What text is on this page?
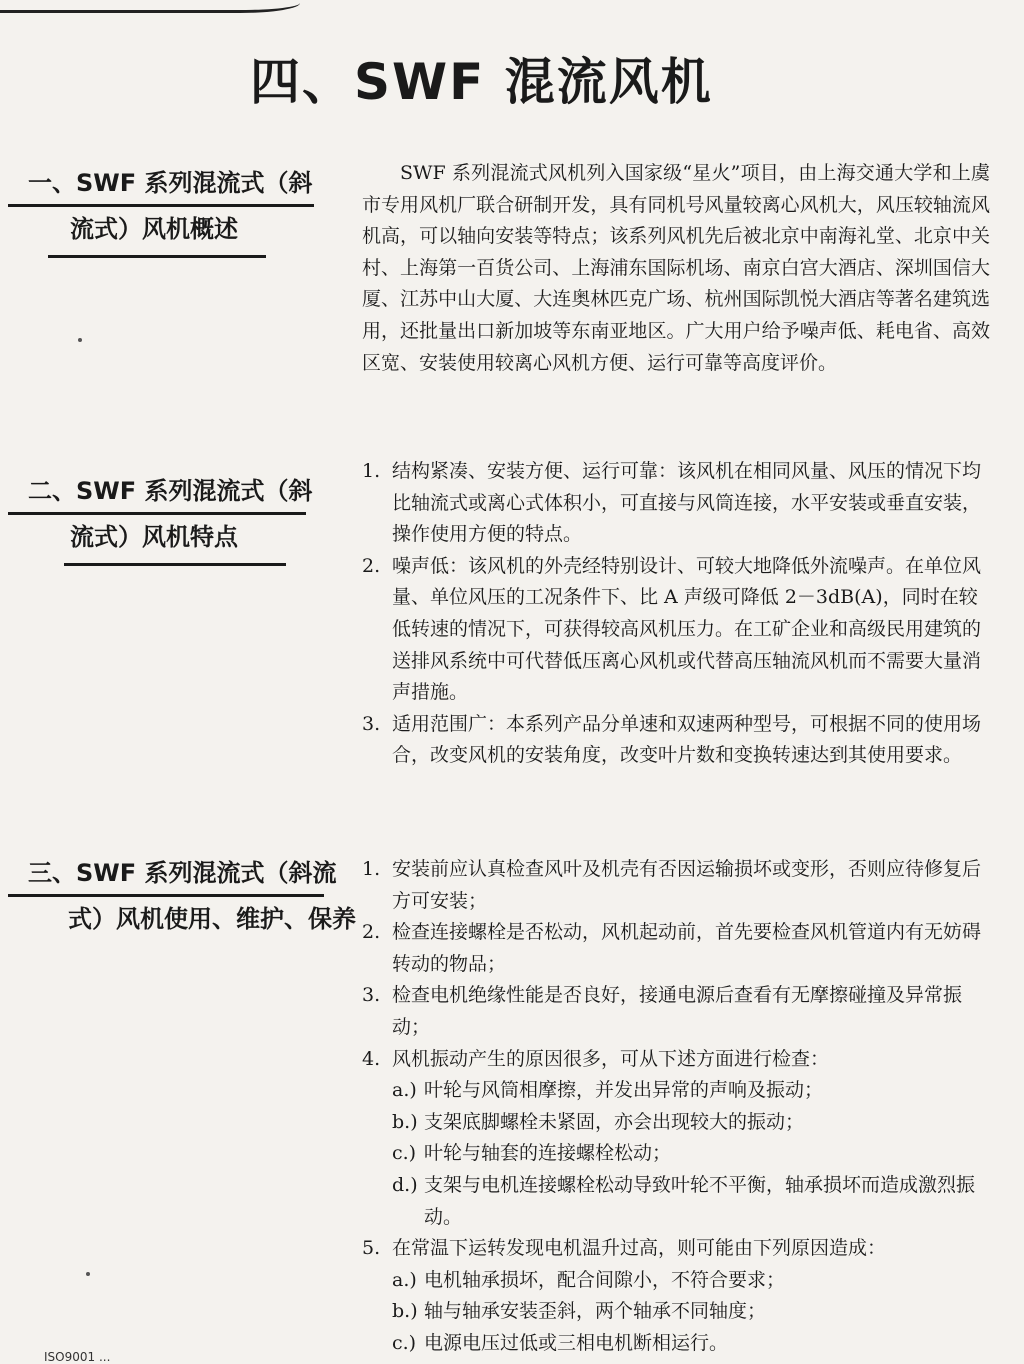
四、SWF 混流风机
一、SWF 系列混流式（斜
流式）风机概述

SWF 系列混流式风机列入国家级“星火”项目，由上海交通大学和上虞市专用风机厂联合研制开发，具有同机号风量较离心风机大，风压较轴流风机高，可以轴向安装等特点；该系列风机先后被北京中南海礼堂、北京中关村、上海第一百货公司、上海浦东国际机场、南京白宫大酒店、深圳国信大厦、江苏中山大厦、大连奥林匹克广场、杭州国际凯悦大酒店等著名建筑选用，还批量出口新加坡等东南亚地区。广大用户给予噪声低、耗电省、高效区宽、安装使用较离心风机方便、运行可靠等高度评价。

二、SWF 系列混流式（斜
流式）风机特点
1. 结构紧凑、安装方便、运行可靠：该风机在相同风量、风压的情况下均比轴流式或离心式体积小，可直接与风筒连接，水平安装或垂直安装，操作使用方便的特点。
2. 噪声低：该风机的外壳经特别设计、可较大地降低外流噪声。在单位风量、单位风压的工况条件下、比 A 声级可降低 2－3dB(A)，同时在较低转速的情况下，可获得较高风机压力。在工矿企业和高级民用建筑的送排风系统中可代替低压离心风机或代替高压轴流风机而不需要大量消声措施。
3. 适用范围广：本系列产品分单速和双速两种型号，可根据不同的使用场合，改变风机的安装角度，改变叶片数和变换转速达到其使用要求。
三、SWF 系列混流式（斜流
式）风机使用、维护、保养
1. 安装前应认真检查风叶及机壳有否因运输损坏或变形，否则应待修复后方可安装；
2. 检查连接螺栓是否松动，风机起动前，首先要检查风机管道内有无妨碍转动的物品；
3. 检查电机绝缘性能是否良好，接通电源后查看有无摩擦碰撞及异常振动；
4. 风机振动产生的原因很多，可从下述方面进行检查：
a.) 叶轮与风筒相摩擦，并发出异常的声响及振动；
b.) 支架底脚螺栓未紧固，亦会出现较大的振动；
c.) 叶轮与轴套的连接螺栓松动；
d.) 支架与电机连接螺栓松动导致叶轮不平衡，轴承损坏而造成激烈振动。
5. 在常温下运转发现电机温升过高，则可能由下列原因造成：
a.) 电机轴承损坏，配合间隙小，不符合要求；
b.) 轴与轴承安装歪斜，两个轴承不同轴度；
c.) 电源电压过低或三相电机断相运行。
ISO9001 ...
